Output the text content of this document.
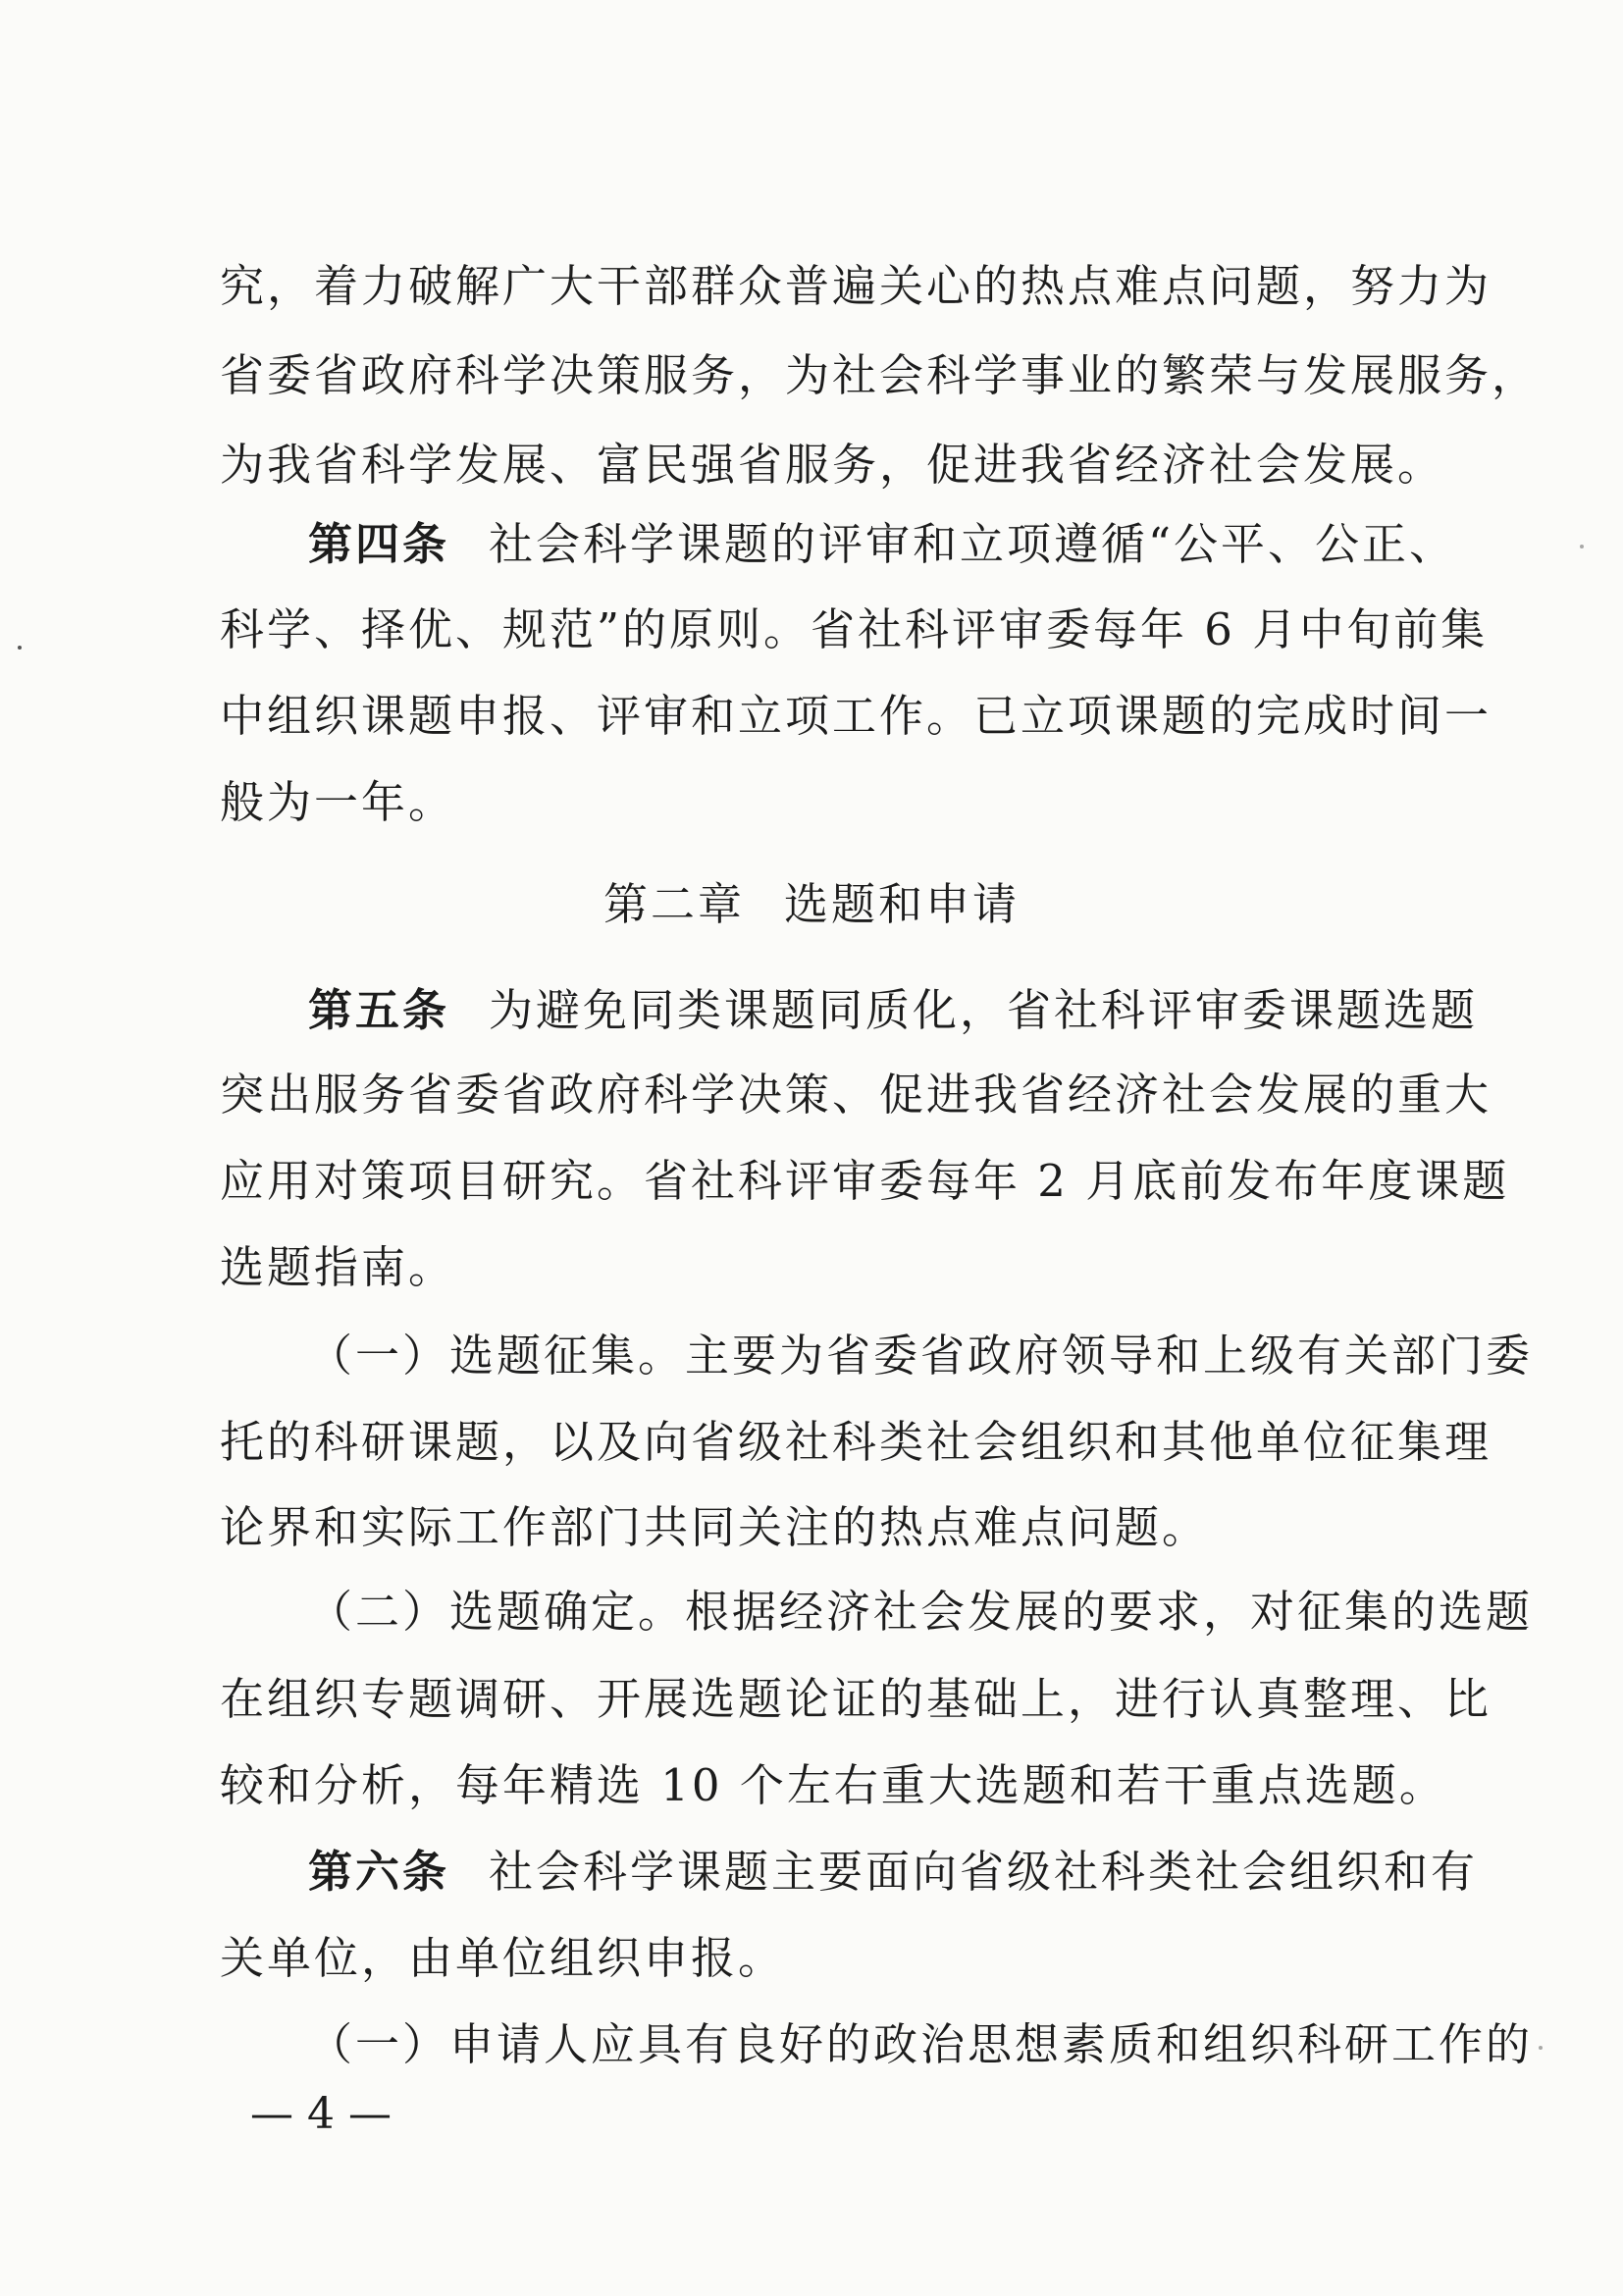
究，着力破解广大干部群众普遍关心的热点难点问题，努力为
省委省政府科学决策服务，为社会科学事业的繁荣与发展服务，
为我省科学发展、富民强省服务，促进我省经济社会发展。
第四条 社会科学课题的评审和立项遵循“公平、公正、
科学、择优、规范”的原则。省社科评审委每年 6 月中旬前集
中组织课题申报、评审和立项工作。已立项课题的完成时间一
般为一年。
第二章 选题和申请
第五条 为避免同类课题同质化，省社科评审委课题选题
突出服务省委省政府科学决策、促进我省经济社会发展的重大
应用对策项目研究。省社科评审委每年 2 月底前发布年度课题
选题指南。
（一）选题征集。主要为省委省政府领导和上级有关部门委
托的科研课题，以及向省级社科类社会组织和其他单位征集理
论界和实际工作部门共同关注的热点难点问题。
（二）选题确定。根据经济社会发展的要求，对征集的选题
在组织专题调研、开展选题论证的基础上，进行认真整理、比
较和分析，每年精选 10 个左右重大选题和若干重点选题。
第六条 社会科学课题主要面向省级社科类社会组织和有
关单位，由单位组织申报。
（一）申请人应具有良好的政治思想素质和组织科研工作的
— 4 —
